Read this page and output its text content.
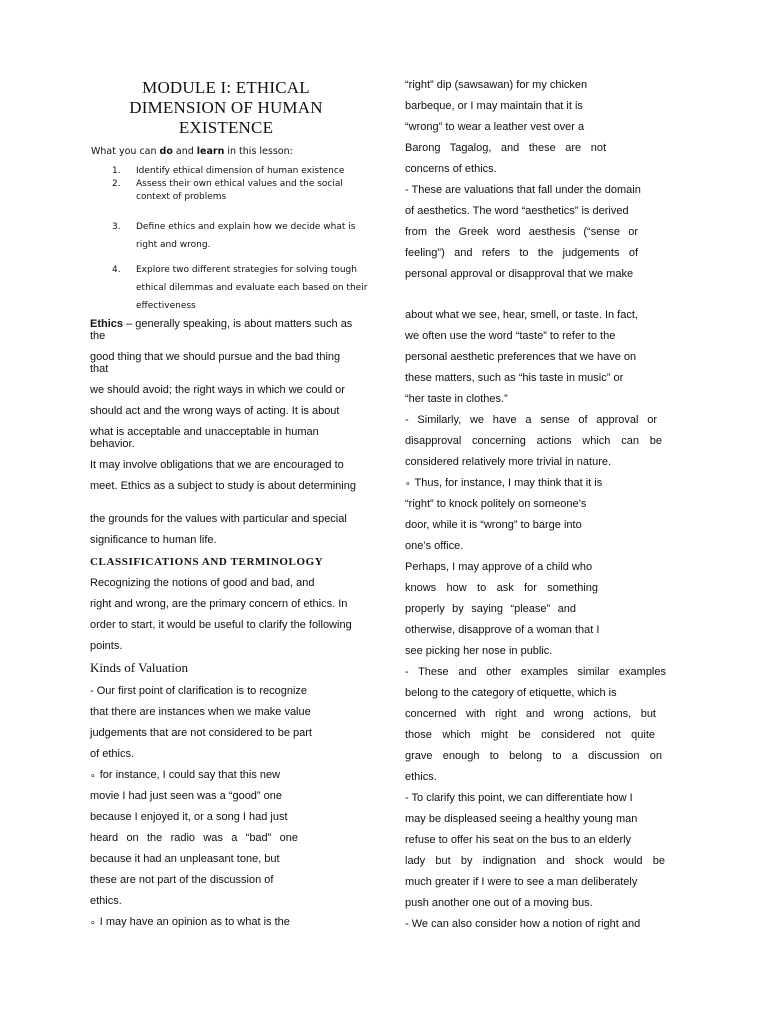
MODULE I: ETHICAL
DIMENSION OF HUMAN
EXISTENCE
What you can do and learn in this lesson:
1.	Identify ethical dimension of human existence
2.	Assess their own ethical values and the social context of problems
3.	Define ethics and explain how we decide what is right and wrong.
4.	Explore two different strategies for solving tough ethical dilemmas and evaluate each based on their effectiveness
Ethics – generally speaking, is about matters such as the
good thing that we should pursue and the bad thing that
we should avoid; the right ways in which we could or
should act and the wrong ways of acting. It is about
what is acceptable and unacceptable in human behavior.
It may involve obligations that we are encouraged to
meet. Ethics as a subject to study is about determining
the grounds for the values with particular and special
significance to human life.
CLASSIFICATIONS AND TERMINOLOGY
Recognizing the notions of good and bad, and
right and wrong, are the primary concern of ethics. In
order to start, it would be useful to clarify the following
points.
Kinds of Valuation
- Our first point of clarification is to recognize
that there are instances when we make value
judgements that are not considered to be part
of ethics.
∘ for instance, I could say that this new
movie I had just seen was a “good” one
because I enjoyed it, or a song I had just
heard on the radio was a “bad” one
because it had an unpleasant tone, but
these are not part of the discussion of
ethics.
∘ I may have an opinion as to what is the
“right” dip (sawsawan) for my chicken
barbeque, or I may maintain that it is
“wrong” to wear a leather vest over a
Barong Tagalog, and these are not
concerns of ethics.
- These are valuations that fall under the domain
of aesthetics. The word “aesthetics” is derived
from the Greek word aesthesis (“sense or
feeling”) and refers to the judgements of
personal approval or disapproval that we make
about what we see, hear, smell, or taste. In fact,
we often use the word “taste” to refer to the
personal aesthetic preferences that we have on
these matters, such as “his taste in music” or
“her taste in clothes.”
- Similarly, we have a sense of approval or
disapproval concerning actions which can be
considered relatively more trivial in nature.
∘ Thus, for instance, I may think that it is
“right” to knock politely on someone’s
door, while it is “wrong” to barge into
one’s office.
Perhaps, I may approve of a child who
knows how to ask for something
properly by saying “please” and
otherwise, disapprove of a woman that I
see picking her nose in public.
- These and other examples similar examples
belong to the category of etiquette, which is
concerned with right and wrong actions, but
those which might be considered not quite
grave enough to belong to a discussion on
ethics.
- To clarify this point, we can differentiate how I
may be displeased seeing a healthy young man
refuse to offer his seat on the bus to an elderly
lady but by indignation and shock would be
much greater if I were to see a man deliberately
push another one out of a moving bus.
- We can also consider how a notion of right and
